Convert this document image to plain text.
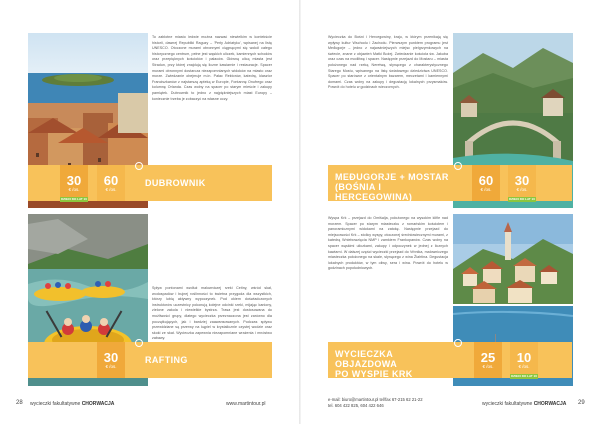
To zabłotne miasto ledwie można nazwać niewielkim w kontekście historii, dawnej Republiki Raguzy – 'Perły Adriatyku', wpisanej na listę UNESCO. Otoczone murami obronnymi ciągnącymi się wokół całego historycznego centrum, pełne jest wąskich uliczek, kamiennych schodów oraz przepięknych kościołów i pałaców. Główną ulicą miasta jest Stradun, przy której znajdują się liczne kawiarnie i restauracje. Spacer murami obronnymi dostarcza niezapomnianych widoków na miasto oraz morze. Zwiedzanie obejmuje m.in. Pałac Rektorów, katedrę, klasztor Franciszkanów z najstarszą apteką w Europie, Fontannę Onufrego oraz kolumnę Orlanda. Czas wolny na spacer po starym mieście i zakupy pamiątek. Dubrownik to jedno z najpiękniejszych miast Europy – koniecznie trzeba je zobaczyć na własne oczy.
30
€ /os.
60
€ /os.
DZIECI DO LAT 10
DUBROWNIK
Spływ pontonami wzdłuż malowniczej rzeki Cetiny, wśród skał, wodospadów i bujnej roślinności to świetna przygoda dla wszystkich, którzy lubią aktywny wypoczynek. Pod okiem doświadczonych instruktorów uczestnicy pokonują kolejne odcinki rzeki, mijając kaniony, zielone zakola i niewielkie bystrza. Trasa jest dostosowana do możliwości grupy, dlatego wycieczka przeznaczona jest zarówno dla początkujących, jak i bardziej zaawansowanych. Podczas spływu przewidziane są przerwy na kąpiel w krystalicznie czystej wodzie oraz skoki ze skał. Wycieczka zapewnia niezapomniane wrażenia i mnóstwo zabawy.
30
€ /os.
RAFTING
28 wycieczki fakultatywne CHORWACJA	www.martintour.pl
Wycieczka do Bośni i Hercegowiny, kraju, w którym przenikają się wpływy kultur Wschodu i Zachodu. Pierwszym punktem programu jest Međugorje – jedno z najważniejszych miejsc pielgrzymkowych na świecie, znane z objawień Matki Bożej. Zwiedzanie kościoła św. Jakuba oraz czas na modlitwę i spacer. Następnie przejazd do Mostaru – miasta położonego nad rzeką Neretwą, słynącego z charakterystycznego Starego Mostu, wpisanego na listę światowego dziedzictwa UNESCO. Spacer po starówce z orientalnym bazarem, meczetami i kamiennymi domami. Czas wolny na zakupy i degustację lokalnych przysmaków. Powrót do hotelu w godzinach wieczornych.
MEĐUGORJE + MOSTAR
(BOŚNIA I HERCEGOWINA)
60
€ /os.
30
€ /os.
DZIECI DO LAT 10
Wyspa Krk – przejazd do Omišalja, położonego na wysokim klifie nad morzem. Spacer po starym miasteczku z romańskim kościołem i panoramicznymi widokami na zatokę. Następnie przejazd do miejscowości Krk – stolicy wyspy, otoczonej średniowiecznymi murami, z katedrą Wniebowzięcia NMP i zamkiem Frankopanów. Czas wolny na spacer wąskimi uliczkami, zakupy i odpoczynek w jednej z licznych kawiarni. W dalszej części wycieczki przejazd do Vrbnika, malowniczego miasteczka położonego na skale, słynącego z wina Žlahtina. Degustacja lokalnych produktów, w tym oliwy, sera i wina. Powrót do hotelu w godzinach popołudniowych.
WYCIECZKA OBJAZDOWA
PO WYSPIE KRK
25
€ /os.
10
€ /os.
DZIECI DO LAT 10
e-mail: biuro@martintour.pl tel/fax 67-215 62 21-22
tel. 604 422 825, 604 422 646	wycieczki fakultatywne CHORWACJA 29
